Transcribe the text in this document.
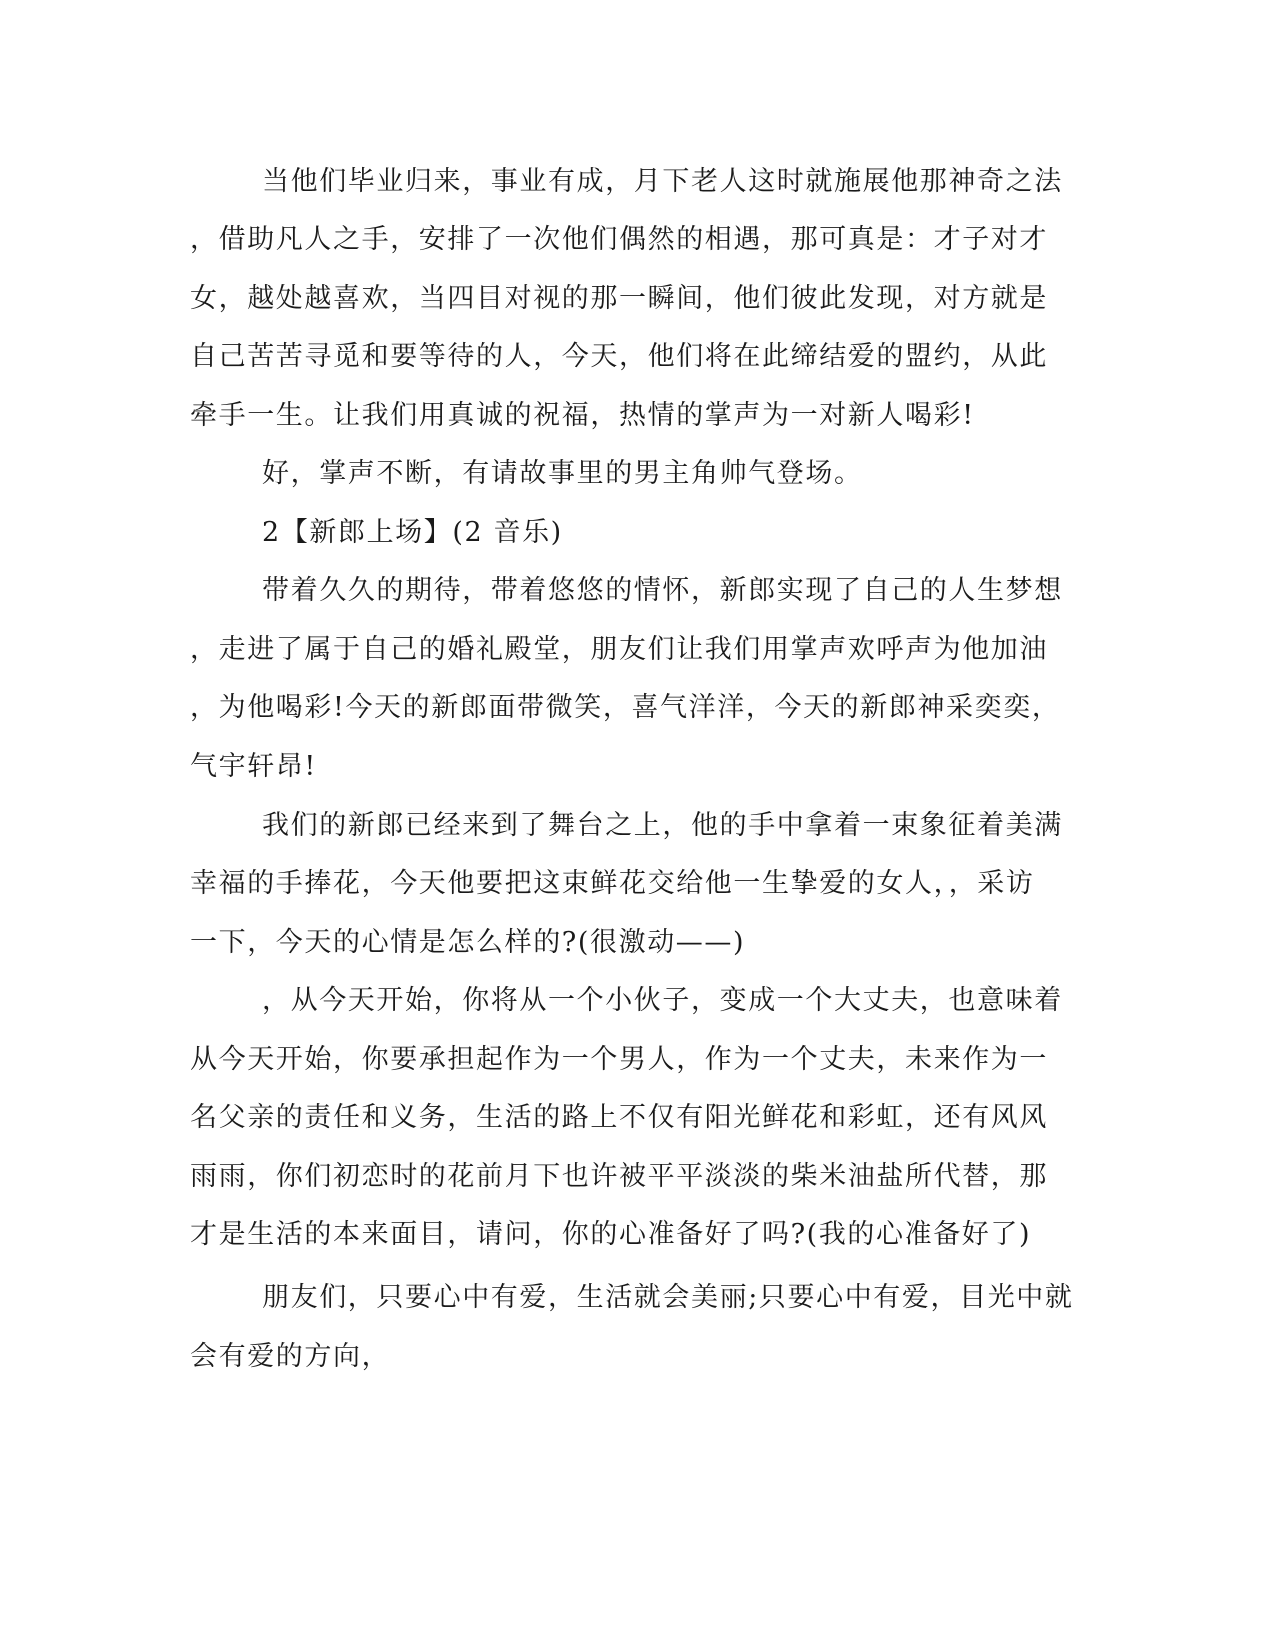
当他们毕业归来，事业有成，月下老人这时就施展他那神奇之法
，借助凡人之手，安排了一次他们偶然的相遇，那可真是：才子对才
女，越处越喜欢，当四目对视的那一瞬间，他们彼此发现，对方就是
自己苦苦寻觅和要等待的人，今天，他们将在此缔结爱的盟约，从此
牵手一生。让我们用真诚的祝福，热情的掌声为一对新人喝彩!
好，掌声不断，有请故事里的男主角帅气登场。
2【新郎上场】(2 音乐)
带着久久的期待，带着悠悠的情怀，新郎实现了自己的人生梦想
，走进了属于自己的婚礼殿堂，朋友们让我们用掌声欢呼声为他加油
，为他喝彩!今天的新郎面带微笑，喜气洋洋，今天的新郎神采奕奕，
气宇轩昂!
我们的新郎已经来到了舞台之上，他的手中拿着一束象征着美满
幸福的手捧花，今天他要把这束鲜花交给他一生挚爱的女人，，采访
一下，今天的心情是怎么样的?(很激动——)
，从今天开始，你将从一个小伙子，变成一个大丈夫，也意味着
从今天开始，你要承担起作为一个男人，作为一个丈夫，未来作为一
名父亲的责任和义务，生活的路上不仅有阳光鲜花和彩虹，还有风风
雨雨，你们初恋时的花前月下也许被平平淡淡的柴米油盐所代替，那
才是生活的本来面目，请问，你的心准备好了吗?(我的心准备好了)
朋友们，只要心中有爱，生活就会美丽;只要心中有爱，目光中就
会有爱的方向，
